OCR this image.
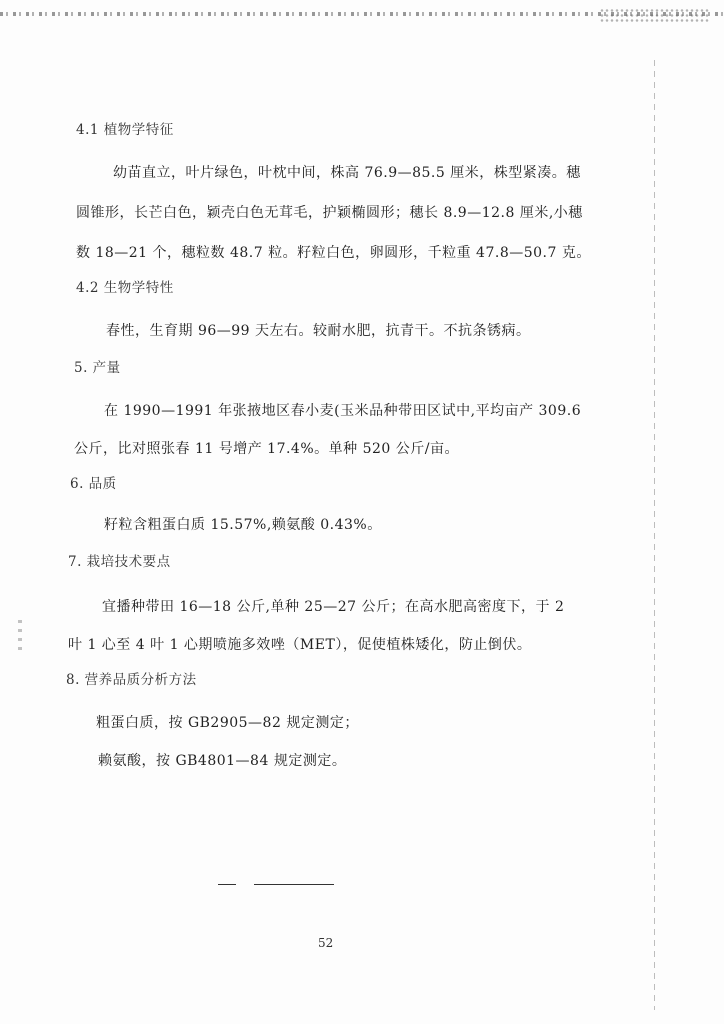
4.1 植物学特征
幼苗直立，叶片绿色，叶枕中间，株高 76.9—85.5 厘米，株型紧凑。穗
圆锥形，长芒白色，颖壳白色无茸毛，护颖椭圆形；穗长 8.9—12.8 厘米,小穗
数 18—21 个，穗粒数 48.7 粒。籽粒白色，卵圆形，千粒重 47.8—50.7 克。
4.2 生物学特性
春性，生育期 96—99 天左右。较耐水肥，抗青干。不抗条锈病。
5. 产量
在 1990—1991 年张掖地区春小麦(玉米品种带田区试中,平均亩产 309.6
公斤，比对照张春 11 号增产 17.4%。单种 520 公斤/亩。
6. 品质
籽粒含粗蛋白质 15.57%,赖氨酸 0.43%。
7. 栽培技术要点
宜播种带田 16—18 公斤,单种 25—27 公斤；在高水肥高密度下，于 2
叶 1 心至 4 叶 1 心期喷施多效唑（MET），促使植株矮化，防止倒伏。
8. 营养品质分析方法
粗蛋白质，按 GB2905—82 规定测定；
赖氨酸，按 GB4801—84 规定测定。
52
